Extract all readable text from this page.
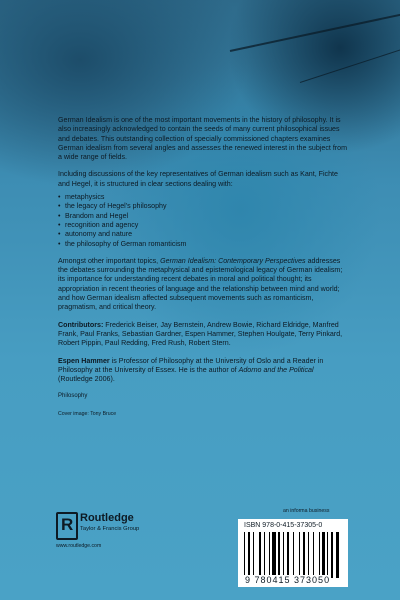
German Idealism is one of the most important movements in the history of philosophy. It is also increasingly acknowledged to contain the seeds of many current philosophical issues and debates. This outstanding collection of specially commissioned chapters examines German idealism from several angles and assesses the renewed interest in the subject from a wide range of fields.

Including discussions of the key representatives of German idealism such as Kant, Fichte and Hegel, it is structured in clear sections dealing with:

• metaphysics
• the legacy of Hegel's philosophy
• Brandom and Hegel
• recognition and agency
• autonomy and nature
• the philosophy of German romanticism

Amongst other important topics, German Idealism: Contemporary Perspectives addresses the debates surrounding the metaphysical and epistemological legacy of German idealism; its importance for understanding recent debates in moral and political thought; its appropriation in recent theories of language and the relationship between mind and world; and how German idealism affected subsequent movements such as romanticism, pragmatism, and critical theory.

Contributors: Frederick Beiser, Jay Bernstein, Andrew Bowie, Richard Eldridge, Manfred Frank, Paul Franks, Sebastian Gardner, Espen Hammer, Stephen Houlgate, Terry Pinkard, Robert Pippin, Paul Redding, Fred Rush, Robert Stern.

Espen Hammer is Professor of Philosophy at the University of Oslo and a Reader in Philosophy at the University of Essex. He is the author of Adorno and the Political (Routledge 2006).

Philosophy

Cover image: Tony Bruce

R
Routledge
Taylor & Francis Group
www.routledge.com
an informa business
ISBN 978-0-415-37305-0
9 780415 373050
